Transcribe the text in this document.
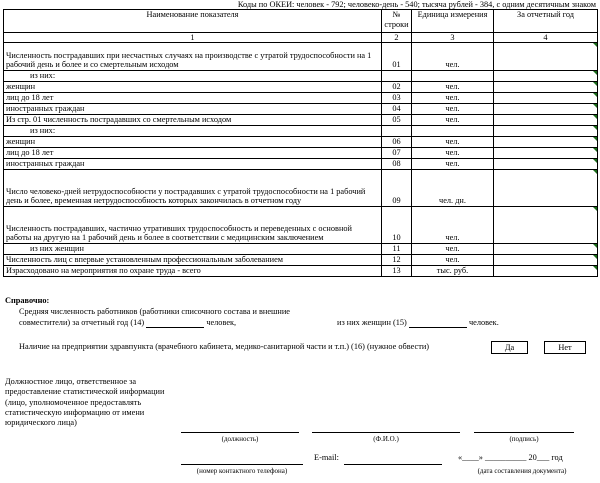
Коды по ОКЕИ: человек - 792; человеко-день - 540; тысяча рублей - 384, с одним десятичным знаком
Наименование показателя	№ строки	Единица измерения	За отчетный год
1	2	3	4
Численность пострадавших при несчастных случаях на производстве с утратой трудоспособности на 1 рабочий день и более и со смертельным исходом	01	чел.	

из них:			

женщин	02	чел.	

лиц до 18 лет	03	чел.	

иностранных граждан	04	чел.	

Из стр. 01 численность пострадавших со смертельным исходом	05	чел.	

из них:			

женщин	06	чел.	

лиц до 18 лет	07	чел.	

иностранных граждан	08	чел.	

Число человеко-дней нетрудоспособности у пострадавших с утратой трудоспособности на 1 рабочий день и более, временная нетрудоспособность которых закончилась в отчетном году	09	чел. дн.	

Численность пострадавших, частично утративших трудоспособность и переведенных с основной работы на другую на 1 рабочий день и более в соответствии с медицинским заключением	10	чел.	

из них женщин	11	чел.	

Численность лиц с впервые установленным профессиональным заболеванием	12	чел.	

Израсходовано на мероприятия по охране труда - всего	13	тыс. руб.	
Справочно:
Средняя численность работников (работники списочного состава и внешние
совместители) за отчетный год (14)	человек,	из них женщин (15)	человек.
Наличие на предприятии здравпункта (врачебного кабинета, медико-санитарной части и т.п.) (16) (нужное обвести)	Да	Нет
Должностное лицо, ответственное за предоставление статистической информации (лицо, уполномоченное предоставлять статистическую информацию от имени юридического лица)
(должность)	(Ф.И.О.)	(подпись)
(номер контактного телефона)
E-mail:	«____» __________ 20___ год
(дата составления документа)
